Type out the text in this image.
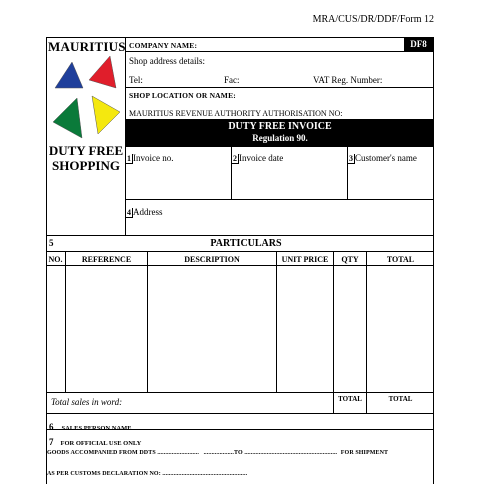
MRA/CUS/DR/DDF/Form 12
MAURITIUS
DUTY FREE
SHOPPING
COMPANY NAME:	DF8
Shop address details:
Tel:	Fac:	VAT Reg. Number:
SHOP LOCATION OR NAME:
MAURITIUS REVENUE AUTHORITY AUTHORISATION NO:
DUTY FREE INVOICE
Regulation 90.
1 Invoice no.	2 Invoice date	3 Customer's name
4 Address
5	PARTICULARS
NO.	REFERENCE	DESCRIPTION	UNIT PRICE	QTY	TOTAL
Total sales in word:	TOTAL	TOTAL
6 SALES PERSON NAME
7 FOR OFFICIAL USE ONLY
GOODS ACCOMPANIED FROM DDTS .......................... ...................TO .......................................................... FOR SHIPMENT
AS PER CUSTOMS DECLARATION NO: .....................................................
